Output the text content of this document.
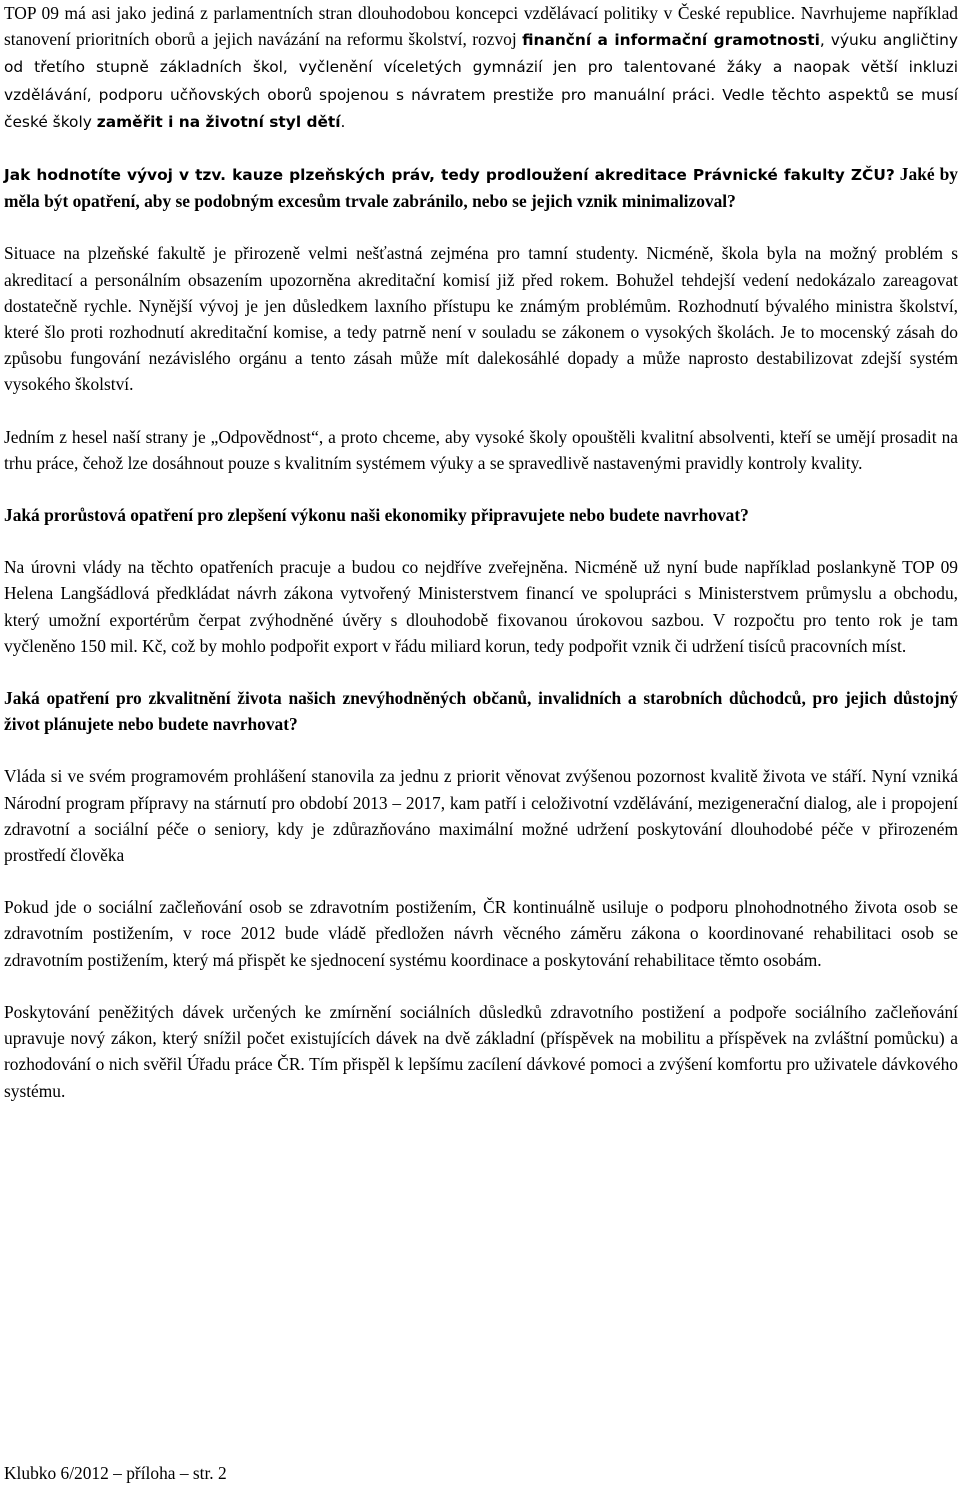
TOP 09 má asi jako jediná z parlamentních stran dlouhodobou koncepci vzdělávací politiky v České republice. Navrhujeme například stanovení prioritních oborů a jejich navázání na reformu školství, rozvoj finanční a informační gramotnosti, výuku angličtiny od třetího stupně základních škol, vyčlenění víceletých gymnázií jen pro talentované žáky a naopak větší inkluzi vzdělávání, podporu učňovských oborů spojenou s návratem prestiže pro manuální práci. Vedle těchto aspektů se musí české školy zaměřit i na životní styl dětí.

Jak hodnotíte vývoj v tzv. kauze plzeňských práv, tedy prodloužení akreditace Právnické fakulty ZČU? Jaké by měla být opatření, aby se podobným excesům trvale zabránilo, nebo se jejich vznik minimalizoval?

Situace na plzeňské fakultě je přirozeně velmi nešťastná zejména pro tamní studenty. Nicméně, škola byla na možný problém s akreditací a personálním obsazením upozorněna akreditační komisí již před rokem. Bohužel tehdejší vedení nedokázalo zareagovat dostatečně rychle. Nynější vývoj je jen důsledkem laxního přístupu ke známým problémům. Rozhodnutí bývalého ministra školství, které šlo proti rozhodnutí akreditační komise, a tedy patrně není v souladu se zákonem o vysokých školách. Je to mocenský zásah do způsobu fungování nezávislého orgánu a tento zásah může mít dalekosáhlé dopady a může naprosto destabilizovat zdejší systém vysokého školství.

Jedním z hesel naší strany je „Odpovědnost“, a proto chceme, aby vysoké školy opouštěli kvalitní absolventi, kteří se umějí prosadit na trhu práce, čehož lze dosáhnout pouze s kvalitním systémem výuky a se spravedlivě nastavenými pravidly kontroly kvality.

Jaká prorůstová opatření pro zlepšení výkonu naši ekonomiky připravujete nebo budete navrhovat?

Na úrovni vlády na těchto opatřeních pracuje a budou co nejdříve zveřejněna. Nicméně už nyní bude například poslankyně TOP 09 Helena Langšádlová předkládat návrh zákona vytvořený Ministerstvem financí ve spolupráci s Ministerstvem průmyslu a obchodu, který umožní exportérům čerpat zvýhodněné úvěry s dlouhodobě fixovanou úrokovou sazbou. V rozpočtu pro tento rok je tam vyčleněno 150 mil. Kč, což by mohlo podpořit export v řádu miliard korun, tedy podpořit vznik či udržení tisíců pracovních míst.

Jaká opatření pro zkvalitnění života našich znevýhodněných občanů, invalidních a starobních důchodců, pro jejich důstojný život plánujete nebo budete navrhovat?

Vláda si ve svém programovém prohlášení stanovila za jednu z priorit věnovat zvýšenou pozornost kvalitě života ve stáří. Nyní vzniká Národní program přípravy na stárnutí pro období 2013 – 2017, kam patří i celoživotní vzdělávání, mezigenerační dialog, ale i propojení zdravotní a sociální péče o seniory, kdy je zdůrazňováno maximální možné udržení poskytování dlouhodobé péče v přirozeném prostředí člověka

Pokud jde o sociální začleňování osob se zdravotním postižením, ČR kontinuálně usiluje o podporu plnohodnotného života osob se zdravotním postižením, v roce 2012 bude vládě předložen návrh věcného záměru zákona o koordinované rehabilitaci osob se zdravotním postižením, který má přispět ke sjednocení systému koordinace a poskytování rehabilitace těmto osobám.

Poskytování peněžitých dávek určených ke zmírnění sociálních důsledků zdravotního postižení a podpoře sociálního začleňování upravuje nový zákon, který snížil počet existujících dávek na dvě základní (příspěvek na mobilitu a příspěvek na zvláštní pomůcku) a rozhodování o nich svěřil Úřadu práce ČR. Tím přispěl k lepšímu zacílení dávkové pomoci a zvýšení komfortu pro uživatele dávkového systému.

Klubko 6/2012 – příloha – str. 2
